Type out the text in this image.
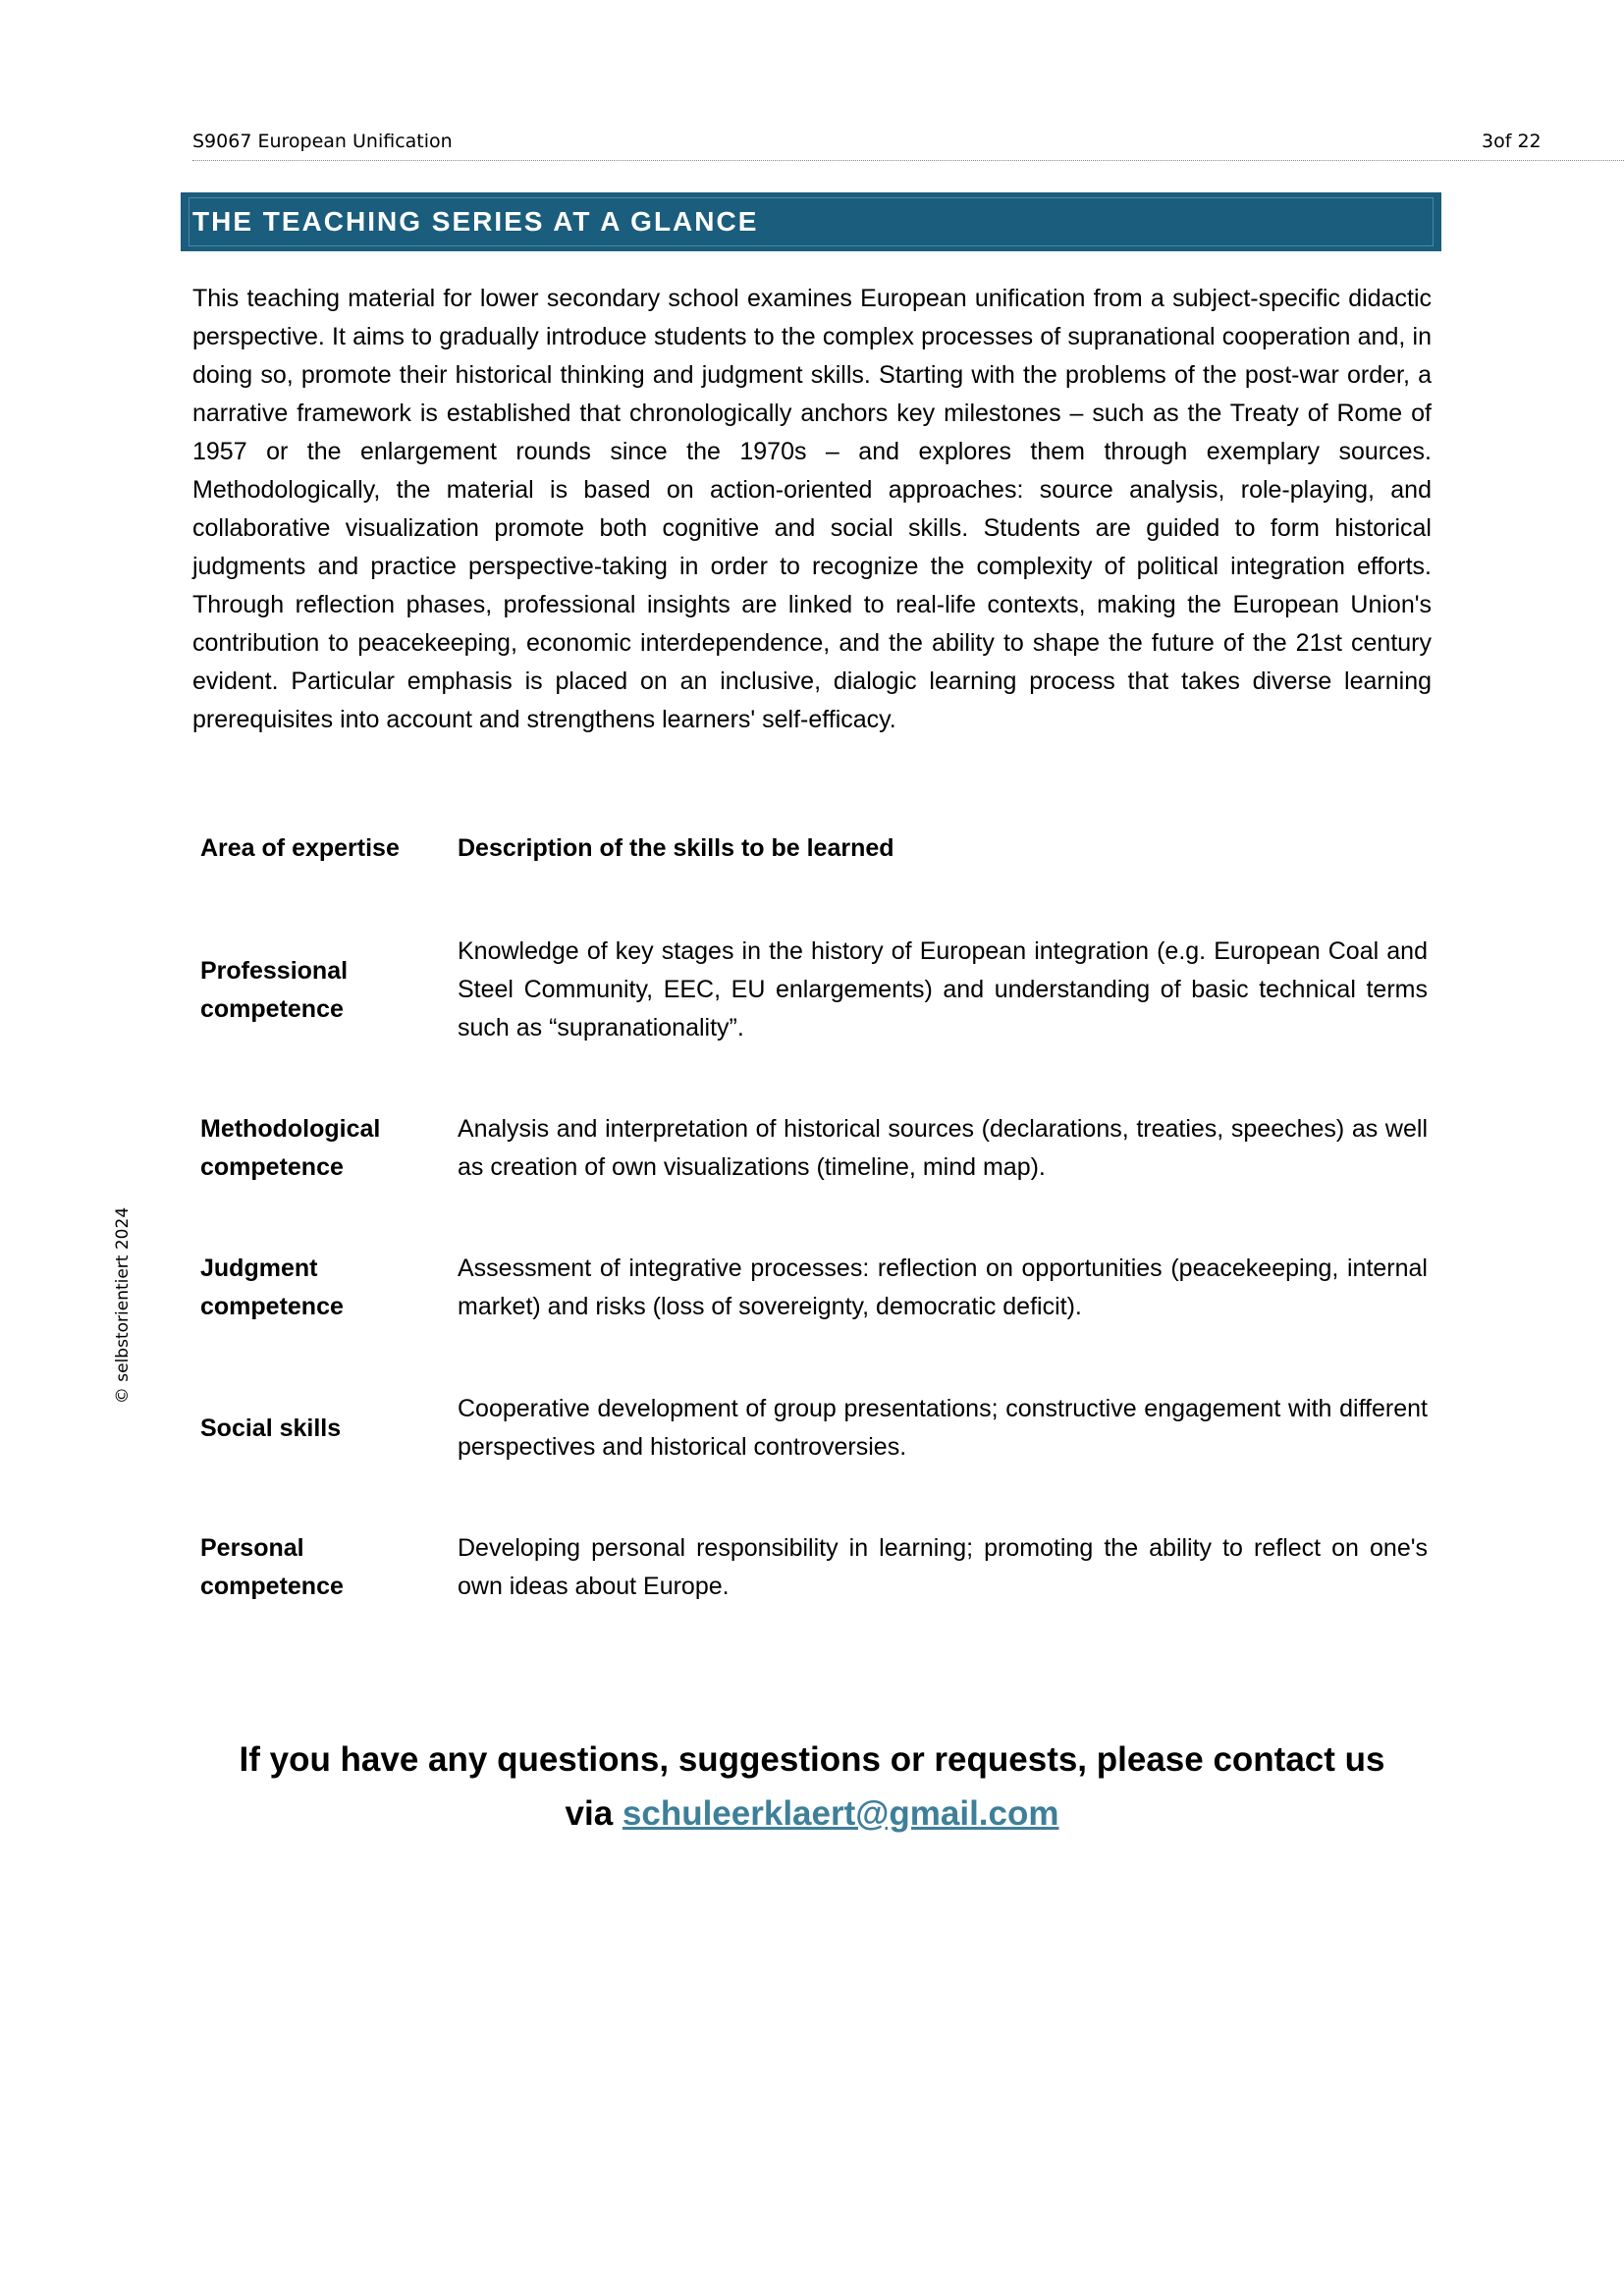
S9067 European Unification	3of 22
© selbstorientiert 2024
THE TEACHING SERIES AT A GLANCE
This teaching material for lower secondary school examines European unification from a subject-specific didactic perspective. It aims to gradually introduce students to the complex processes of supranational cooperation and, in doing so, promote their historical thinking and judgment skills. Starting with the problems of the post-war order, a narrative framework is established that chronologically anchors key milestones – such as the Treaty of Rome of 1957 or the enlargement rounds since the 1970s – and explores them through exemplary sources. Methodologically, the material is based on action-oriented approaches: source analysis, role-playing, and collaborative visualization promote both cognitive and social skills. Students are guided to form historical judgments and practice perspective-taking in order to recognize the complexity of political integration efforts. Through reflection phases, professional insights are linked to real-life contexts, making the European Union's contribution to peacekeeping, economic interdependence, and the ability to shape the future of the 21st century evident. Particular emphasis is placed on an inclusive, dialogic learning process that takes diverse learning prerequisites into account and strengthens learners' self-efficacy.
Area of expertise Description of the skills to be learned
Professional competence
Knowledge of key stages in the history of European integration (e.g. European Coal and Steel Community, EEC, EU enlargements) and understanding of basic technical terms such as “supranationality”.
Methodological competence
Analysis and interpretation of historical sources (declarations, treaties, speeches) as well as creation of own visualizations (timeline, mind map).
Judgment competence
Assessment of integrative processes: reflection on opportunities (peacekeeping, internal market) and risks (loss of sovereignty, democratic deficit).
Social skills
Cooperative development of group presentations; constructive engagement with different perspectives and historical controversies.
Personal competence
Developing personal responsibility in learning; promoting the ability to reflect on one's own ideas about Europe.
If you have any questions, suggestions or requests, please contact us
via schuleerklaert@gmail.com
